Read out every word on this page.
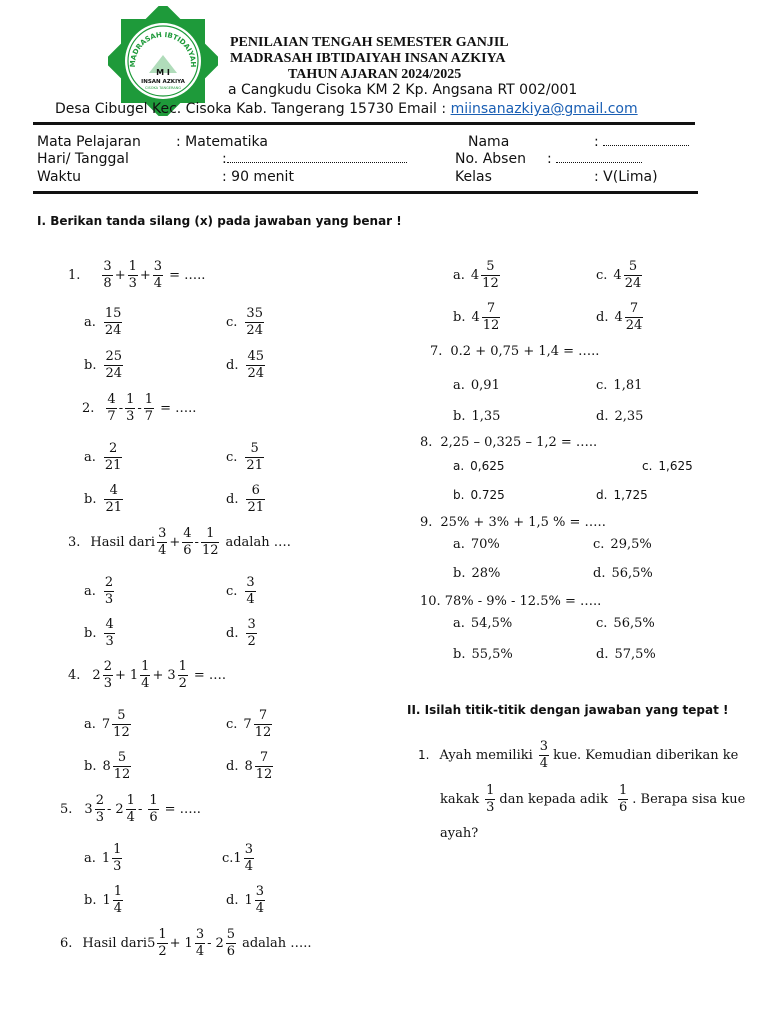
MADRASAH IBTIDAIYAH
M I
INSAN AZKIYA
CISOKA TANGERANG
PENILAIAN TENGAH SEMESTER GANJIL
MADRASAH IBTIDAIYAH INSAN AZKIYA
TAHUN AJARAN 2024/2025
a Cangkudu Cisoka KM 2 Kp. Angsana RT 002/001
Desa Cibugel Kec. Cisoka Kab. Tangerang 15730 Email : miinsanazkiya@gmail.com
Mata Pelajaran	: Matematika
Hari/ Tanggal	:
Waktu	: 90 menit
Nama	:
No. Absen :
Kelas	: V(Lima)
I. Berikan tanda silang (x) pada jawaban yang benar !
1. $\frac{3}{8} + \frac{1}{3} + \frac{3}{4}$ = …..
a. $\frac{15}{24}$	c. $\frac{35}{24}$
b. $\frac{25}{24}$	d. $\frac{45}{24}$
2. $\frac{4}{7} - \frac{1}{3} - \frac{1}{7}$ = …..
a. $\frac{2}{21}$	c. $\frac{5}{21}$
b. $\frac{4}{21}$	d. $\frac{6}{21}$
3. Hasil dari $\frac{3}{4} + \frac{4}{6} - \frac{1}{12}$ adalah ….
a. $\frac{2}{3}$	c. $\frac{3}{4}$
b. $\frac{4}{3}$	d. $\frac{3}{2}$
4. $2 \frac{2}{3} + 1 \frac{1}{4} + 3 \frac{1}{2}$ = ….
a. $7 \frac{5}{12}$	c. $7 \frac{7}{12}$
b. $8 \frac{5}{12}$	d. $8 \frac{7}{12}$
5. $3 \frac{2}{3} - 2 \frac{1}{4} - \frac{1}{6}$ = …..
a. $1 \frac{1}{3}$	c. $1 \frac{3}{4}$
b. $1 \frac{1}{4}$	d. $1 \frac{3}{4}$
6. Hasil dari $5 \frac{1}{2} + 1 \frac{3}{4} - 2 \frac{5}{6}$ adalah …..
a. $4 \frac{5}{12}$	c. $4 \frac{5}{24}$
b. $4 \frac{7}{12}$	d. $4 \frac{7}{24}$
7. 0.2 + 0,75 + 1,4 = …..
a. 0,91	c. 1,81
b. 1,35	d. 2,35
8. 2,25 – 0,325 – 1,2 = …..
a. 0,625	c. 1,625
b. 0.725	d. 1,725
9. 25% + 3% + 1,5 % = …..
a. 70%	c. 29,5%
b. 28%	d. 56,5%
10. 78% - 9% - 12.5% = …..
a. 54,5%	c. 56,5%
b. 55,5%	d. 57,5%
II. Isilah titik-titik dengan jawaban yang tepat !
1. Ayah memiliki $\frac{3}{4}$ kue. Kemudian diberikan ke
kakak $\frac{1}{3}$ dan kepada adik $\frac{1}{6}$ . Berapa sisa kue
ayah?
